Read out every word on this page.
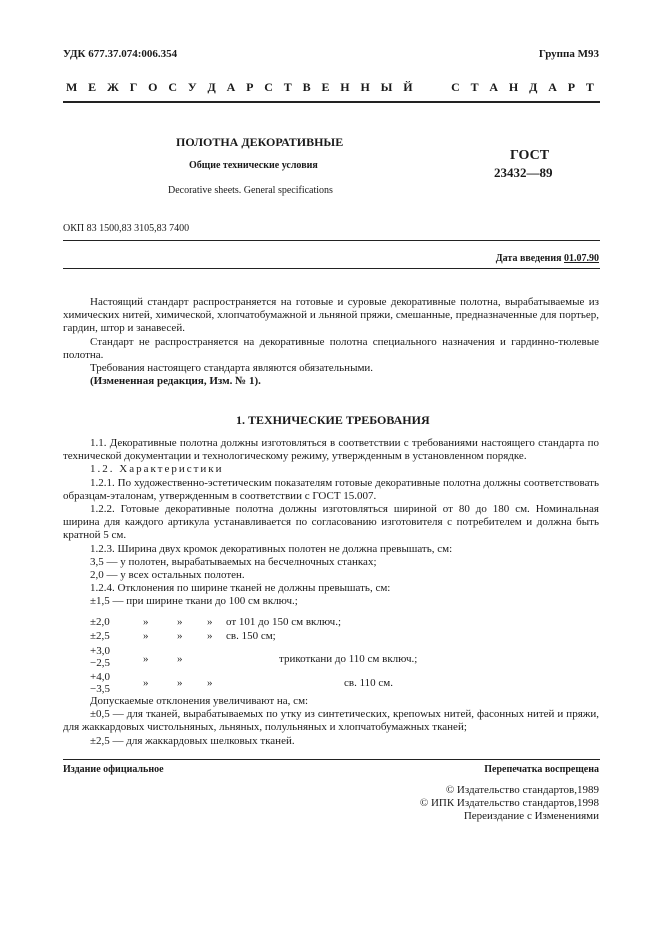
УДК 677.37.074:006.354	Группа М93
М Е Ж Г О С У Д А Р С Т В Е Н Н Ы Й

	С Т А Н Д А Р Т
ПОЛОТНА ДЕКОРАТИВНЫЕ
Общие технические условия
Decorative sheets. General specifications
ГОСТ
23432—89
ОКП 83 1500,83 3105,83 7400
Дата введения 01.07.90

Настоящий стандарт распространяется на готовые и суровые декоративные полотна, вырабатываемые из химических нитей, химической, хлопчатобумажной и льняной пряжи, смешанные, предназначенные для портьер, гардин, штор и занавесей.

Стандарт не распространяется на декоративные полотна специального назначения и гардинно-тюлевые полотна.

Требования настоящего стандарта являются обязательными.

(Измененная редакция, Изм. № 1).

1. ТЕХНИЧЕСКИЕ ТРЕБОВАНИЯ

1.1. Декоративные полотна должны изготовляться в соответствии с требованиями настоящего стандарта по технической документации и технологическому режиму, утвержденным в установленном порядке.

1.2. Характеристики

1.2.1. По художественно-эстетическим показателям готовые декоративные полотна должны соответствовать образцам-эталонам, утвержденным в соответствии с ГОСТ 15.007.

1.2.2. Готовые декоративные полотна должны изготовляться шириной от 80 до 180 см. Номинальная ширина для каждого артикула устанавливается по согласованию изготовителя с потребителем и должна быть кратной 5 см.

1.2.3. Ширина двух кромок декоративных полотен не должна превышать, см:

3,5 — у полотен, вырабатываемых на бесчелночных станках;

2,0 — у всех остальных полотен.

1.2.4. Отклонения по ширине тканей не должны превышать, см:

±1,5 — при ширине ткани до 100 см включ.;

±2,0	»	» » от 101 до 150 см включ.;
±2,5	»	» » св. 150 см;
+3,0
−2,5	»	»	трикоткани до 110 см включ.;
+4,0
−3,5	»	» »	св. 110 см.

Допускаемые отклонения увеличивают на, см:

±0,5 — для тканей, вырабатываемых по утку из синтетических, крепowых нитей, фасонных нитей и пряжи, для жаккардовых чистольняных, льняных, полульняных и хлопчатобумажных тканей;

±2,5 — для жаккардовых шелковых тканей.

Издание официальное	Перепечатка воспрещена
© Издательство стандартов,1989
© ИПК Издательство стандартов,1998
Переиздание с Изменениями
